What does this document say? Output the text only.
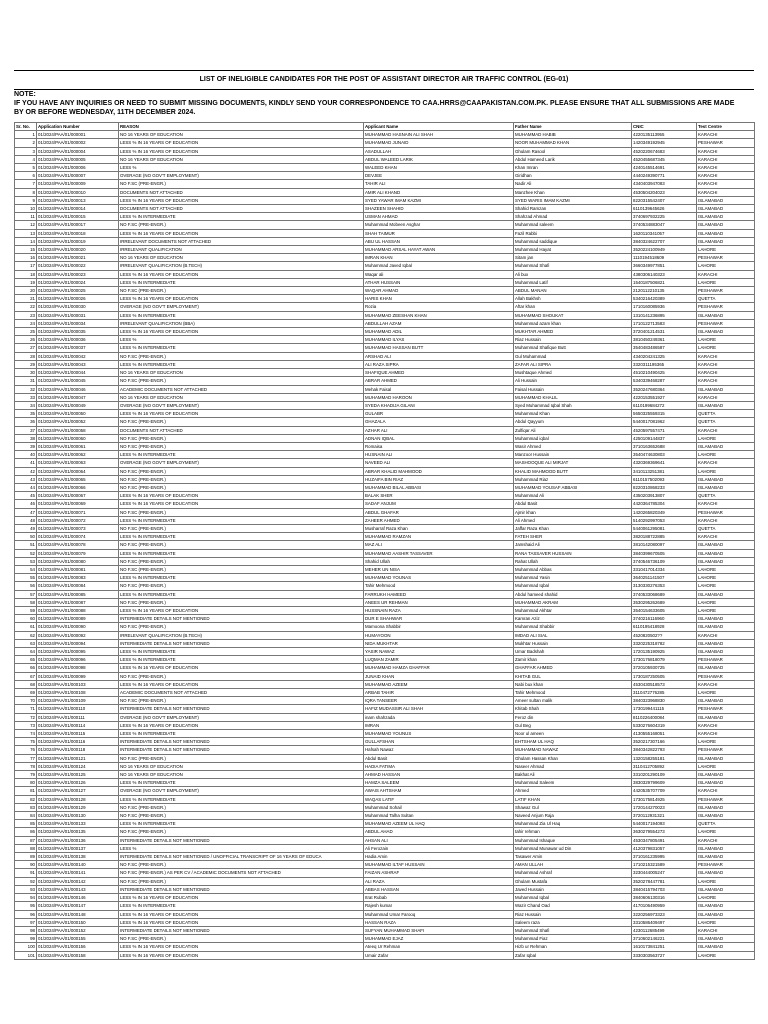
LIST OF INELIGIBLE CANDIDATES FOR THE POST OF ASSISTANT DIRECTOR AIR TRAFFIC CONTROL (EG-01)
NOTE:
IF YOU HAVE ANY INQUIRIES OR NEED TO SUBMIT MISSING DOCUMENTS, KINDLY SEND YOUR CORRESPONDENCE TO CAA.HRRS@CAAPAKISTAN.COM.PK. PLEASE ENSURE THAT ALL SUBMISSIONS ARE MADE
BY OR BEFORE WEDNESDAY, 11TH DECEMBER 2024.
Sr. No.	Application Number	REASON	Applicant Name	Father Name	CNIC	Test Centre
1	01/2024/PAA/01/000001	NO 16 YEARS OF EDUCATION	MUHAMMAD HASNAIN ALI SHAH	MUHAMMAD HABIB	4220135113955	KARACHI
2	01/2024/PAA/01/000002	LESS % IN 16 YEARS OF EDUCATION	MUHAMMAD JUNAID	NOOR MUHAMMAD KHAN	1420349192945	PESHAWAR
3	01/2024/PAA/01/000004	LESS % IN 16 YEARS OF EDUCATION	ASADULLAH	Ghulam Rasool	4520220674683	KARACHI
4	01/2024/PAA/01/000005	NO 16 YEARS OF EDUCATION	ABDUL WALEED LARIK	Abdul Hameed Larik	4520455687345	KARACHI
5	01/2024/PAA/01/000006	LESS %	WALEED KHAN	Khan Imran	4240145514691	KARACHI
6	01/2024/PAA/01/000007	OVERAGE (NO GOV'T EMPLOYMENT)	DEVJEE	Giridhan	4440249390771	KARACHI
7	01/2024/PAA/01/000009	NO F.SC (PRE-ENGR.)	TAHIR ALI	Nadir Ali	4340403947083	KARACHI
8	01/2024/PAA/01/000010	DOCUMENTS NOT ATTACHED	AMIR ALI KHAND	Manzhee Khan	4530504204023	KARACHI
9	01/2024/PAA/01/000013	LESS % IN 16 YEARS OF EDUCATION	SYED YAWAR IMAM KAZMI	SYED WARIS IMAM KAZMI	8220315542407	ISLAMABAD
10	01/2024/PAA/01/000014	DOCUMENTS NOT ATTACHED	SHAZEEN SHAHID	Shahid Ramzan	6110139645626	ISLAMABAD
11	01/2024/PAA/01/000015	LESS % IN INTERMEDIATE	USMAN AHMAD	Shahzad Ahmad	3740697932225	ISLAMABAD
12	01/2024/PAA/01/000017	NO F.SC (PRE-ENGR.)	Muhammad Mobeen Asghar	Muhammad saleem	3740534883047	ISLAMABAD
13	01/2024/PAA/01/000018	LESS % IN 16 YEARS OF EDUCATION	SHAH TAIMUR	Fazil Rabbi	1620110341057	ISLAMABAD
14	01/2024/PAA/01/000019	IRRELEVANT DOCUMENTS NOT ATTACHED	ABU UL HASSAN	Muhammad saddique	3840324622707	ISLAMABAD
15	01/2024/PAA/01/000020	IRRELEVANT QUALIFICATION	MUHAMMAD ARSAL HAYAT AWAN	Muhammad Hayat	3520224100949	LAHORE
16	01/2024/PAA/01/000021	NO 16 YEARS OF EDUCATION	IMRAN KHAN	Sitam jan	1110194518609	PESHAWAR
17	01/2024/PAA/01/000022	IRRELEVANT QUALIFICATION (B.TECH)	Muhammad Javed Iqbal	Muhammad Shafi	3660349977851	LAHORE
18	01/2024/PAA/01/000023	LESS % IN 16 YEARS OF EDUCATION	Waqar ali	Ali bux	4380306140323	KARACHI
19	01/2024/PAA/01/000024	LESS % IN INTERMEDIATE	ATHAR HUSSAIN	Muhammad Latif	1540187506821	LAHORE
20	01/2024/PAA/01/000025	NO F.SC (PRE-ENGR.)	WAQAR AHMAD	ABDUL MANAN	2120112210135	PESHAWAR
21	01/2024/PAA/01/000026	LESS % IN 16 YEARS OF EDUCATION	HARIS KHAN	Allah Bakhsh	5340216420389	QUETTA
22	01/2024/PAA/01/000030	OVERAGE (NO GOV'T EMPLOYMENT)	Rozia	Aftar khan	1710160085936	PESHAWAR
23	01/2024/PAA/01/000031	LESS % IN INTERMEDIATE	MUHAMMAD ZEESHAN KHAN	MUHAMMAD SHOUKAT	1310141236895	ISLAMABAD
24	01/2024/PAA/01/000034	IRRELEVANT QUALIFICATION (BBA)	ABDULLAH AZAM	Muhammad azam khan	1710122713583	PESHAWAR
25	01/2024/PAA/01/000035	LESS % IN 16 YEARS OF EDUCATION	MUHAMMAD ADIL	MUKHTAR AHMED	3720401214531	ISLAMABAD
26	01/2024/PAA/01/000036	LESS %	MUHAMMAD ILYAS	Riaz Hussain	3810450249361	LAHORE
27	01/2024/PAA/01/000037	LESS % IN INTERMEDIATE	MUHAMMAD HASSAN BUTT	Muhammad Shafique Butt	3540483486587	LAHORE
28	01/2024/PAA/01/000042	NO F.SC (PRE-ENGR.)	ARSHAD ALI	Gul Muhammad	4340204241325	KARACHI
29	01/2024/PAA/01/000043	LESS % IN INTERMEDIATE	ALI RAZA SIPRA	ZAFAR ALI SIPRA	3320311195365	KARACHI
30	01/2024/PAA/01/000044	NO 16 YEARS OF EDUCATION	SHAFIQUE AHMED	Mushtaque Ahmed	4510210490425	KARACHI
31	01/2024/PAA/01/000045	NO F.SC (PRE-ENGR.)	ABRAR AHMED	Ali Hussain	5340339468287	KARACHI
32	01/2024/PAA/01/000046	ACADEMIC DOCUMENTS NOT ATTACHED	Mehak Faisal	Faisal Hussain	3520247680364	ISLAMABAD
33	01/2024/PAA/01/000047	NO 16 YEARS OF EDUCATION	MUHAMMAD HAROON	MUHAMMAD KHALIL	4220153551927	KARACHI
34	01/2024/PAA/01/000049	OVERAGE (NO GOV'T EMPLOYMENT)	SYEDA KHADIJA GILANI	Syed Muhammad Iqbal Shah	6110199684272	ISLAMABAD
35	01/2024/PAA/01/000050	LESS % IN 16 YEARS OF EDUCATION	GULABR	Muhammad Khan	5650325559315	QUETTA
36	01/2024/PAA/01/000052	NO F.SC (PRE-ENGR.)	GHAZALA	Abdul Qayyum	5440017081962	QUETTA
37	01/2024/PAA/01/000058	DOCUMENTS NOT ATTACHED	AZHAR ALI	Zulfiqar Ali	4520597557471	KARACHI
38	01/2024/PAA/01/000060	NO F.SC (PRE-ENGR.)	ADNAN IQBAL	Muhammad iqbal	4250109144837	LAHORE
39	01/2024/PAA/01/000061	NO F.SC (PRE-ENGR.)	Romaisa	Wasir Ahmed	3710163652688	ISLAMABAD
40	01/2024/PAA/01/000062	LESS % IN INTERMEDIATE	HUSNAIN ALI	Manzoor Hussain	3540474630803	LAHORE
41	01/2024/PAA/01/000063	OVERAGE (NO GOV'T EMPLOYMENT)	NAVEED ALI	MASHOOQUE ALI MIRJAT	4320369369641	KARACHI
42	01/2024/PAA/01/000064	NO F.SC (PRE-ENGR.)	ABRAR KHALID MAHMOOD	KHALID MAHMOOD BUTT	3410113251381	LAHORE
43	01/2024/PAA/01/000065	NO F.SC (PRE-ENGR.)	HUZAIFA BIN RIAZ	Muhammad Riaz	6110157502093	ISLAMABAD
44	01/2024/PAA/01/000066	NO F.SC (PRE-ENGR.)	MUHAMMAD BILAL ABBASI	MUHAMMAD YOUSAF ABBASI	8220310868233	ISLAMABAD
45	01/2024/PAA/01/000067	LESS % IN 16 YEARS OF EDUCATION	BALAK SHER	Muhammad Ali	4350203913807	QUETTA
46	01/2024/PAA/01/000069	LESS % IN 16 YEARS OF EDUCATION	SADAF ANJUM	Abdul Basit	4420364785304	KARACHI
47	01/2024/PAA/01/000071	NO F.SC (PRE-ENGR.)	ABDUL GHAFAR	Ajmir khan	1420265820349	PESHAWAR
48	01/2024/PAA/01/000072	LESS % IN INTERMEDIATE	ZAHEER AHMED	Ali Ahmed	5140292997053	KARACHI
49	01/2024/PAA/01/000073	NO F.SC (PRE-ENGR.)	Musharraf Raza Khan	Jaffar Raza Khan	5440061295081	QUETTA
50	01/2024/PAA/01/000074	LESS % IN INTERMEDIATE	MUHAMMAD RAMZAN	FATEH SHER	3820188722885	KARACHI
51	01/2024/PAA/01/000078	NO F.SC (PRE-ENGR.)	MAZ ALI	Jamshaid Ali	3810142080097	ISLAMABAD
52	01/2024/PAA/01/000079	LESS % IN INTERMEDIATE	MUHAMMAD AASHIR TASSAVER	RANA TASSAVER HUSSAIN	3840399670505	ISLAMABAD
53	01/2024/PAA/01/000080	NO F.SC (PRE-ENGR.)	Shahid Ullah	Rahat Ullah	3740546736109	ISLAMABAD
54	01/2024/PAA/01/000081	NO F.SC (PRE-ENGR.)	MEHER UN NISA	Muhammad Abbas	3310417014334	LAHORE
55	01/2024/PAA/01/000083	LESS % IN INTERMEDIATE	MUHAMMAD YOUNAS	Muhammad Yasin	3640251141507	LAHORE
56	01/2024/PAA/01/000084	NO F.SC (PRE-ENGR.)	Tahir Mehmood	Muhammad Iqbal	3130330276353	LAHORE
57	01/2024/PAA/01/000085	LESS % IN INTERMEDIATE	FARRUKH HAMEED	Abdul hameed shahid	3740533068689	ISLAMABAD
58	01/2024/PAA/01/000087	NO F.SC (PRE-ENGR.)	ANEES UR REHMAN	MUHAMMAD AKRAM	3530295262689	LAHORE
59	01/2024/PAA/01/000088	LESS % IN 16 YEARS OF EDUCATION	HUSSNAIN RAZA	Muhammad Akhtar	3540154633605	LAHORE
60	01/2024/PAA/01/000089	INTERMEDIATE DETAILS NOT MENTIONED	DUR E SHAHWAR	Kamran Aziz	3740216116960	ISLAMABAD
61	01/2024/PAA/01/000090	NO F.SC (PRE-ENGR.)	Mamoona Shabbir	Muhammad Shabbir	6110195418928	ISLAMABAD
62	01/2024/PAA/01/000092	IRRELEVANT QUALIFICATION (B.TECH)	HUMAYOON	IMDAD ALI SIAL	4520820502??	KARACHI
63	01/2024/PAA/01/000094	INTERMEDIATE DETAILS NOT MENTIONED	NIDA MUKHTAR	Mukhtar Hussain	3320225318782	ISLAMABAD
64	01/2024/PAA/01/000095	LESS % IN INTERMEDIATE	YASIR NAWAZ	Umar Badshah	1720135190925	ISLAMABAD
65	01/2024/PAA/01/000096	LESS % IN INTERMEDIATE	LUQMAN ZAMIR	Zamir khan	1730176818079	PESHAWAR
66	01/2024/PAA/01/000098	LESS % IN 16 YEARS OF EDUCATION	MUHAMMAD HAMZA GHAFFAR	GHAFFAR AHMED	3720105930725	ISLAMABAD
67	01/2024/PAA/01/000099	NO F.SC (PRE-ENGR.)	JUNAID KHAN	KHITAB GUL	1730187250505	PESHAWAR
68	01/2024/PAA/01/000103	LESS % IN 16 YEARS OF EDUCATION	MUHAMMAD AZEEM	Nabi bux khan	4530430518573	KARACHI
69	01/2024/PAA/01/000108	ACADEMIC DOCUMENTS NOT ATTACHED	ARBAB TAHIR	Tahir Mehmood	3110472776285	LAHORE
70	01/2024/PAA/01/000109	NO F.SC (PRE-ENGR.)	IQRA TANSEER	Ameer sultan malik	3840323968830	ISLAMABAD
71	01/2024/PAA/01/000110	INTERMEDIATE DETAILS NOT MENTIONED	HAFIZ MUDASSIR ALI SHAH	Khitab Shah	1730199441115	PESHAWAR
72	01/2024/PAA/01/000111	OVERAGE (NO GOV'T EMPLOYMENT)	inam shahzada	Feroz din	8110226400084	ISLAMABAD
73	01/2024/PAA/01/000114	LESS % IN 16 YEARS OF EDUCATION	IMRAN	Gul Beg	5330276604319	KARACHI
74	01/2024/PAA/01/000115	LESS % IN INTERMEDIATE	MUHAMMAD YOUNUS	Noor ul ameen	4130555168051	KARACHI
75	01/2024/PAA/01/000116	INTERMEDIATE DETAILS NOT MENTIONED	GULLAFSHAN	EHTSHAM UL HAQ	3520217307166	LAHORE
76	01/2024/PAA/01/000118	INTERMEDIATE DETAILS NOT MENTIONED	Hafsah Nawaz	MUHAMMAD NAWAZ	3840342822793	PESHAWAR
77	01/2024/PAA/01/000121	NO F.SC (PRE-ENGR.)	Abdul Basit	Ghulam Hassan Khan	1320158255181	ISLAMABAD
78	01/2024/PAA/01/000124	NO 16 YEARS OF EDUCATION	HADIA FATIMA	Naseer Ahmad	3110412705892	LAHORE
79	01/2024/PAA/01/000125	NO 16 YEARS OF EDUCATION	AHMAD HASSAN	Bakhat Ali	3310201290109	ISLAMABAD
80	01/2024/PAA/01/000126	LESS % IN INTERMEDIATE	HAMZA SALEEM	Muhammad Saleem	3830329799609	ISLAMABAD
81	01/2024/PAA/01/000127	OVERAGE (NO GOV'T EMPLOYMENT)	AWAIS AHTSHAM	Ahmed	4420535707709	KARACHI
82	01/2024/PAA/01/000128	LESS % IN INTERMEDIATE	WAQAS LATIF	LATIF KHAN	1730175814925	PESHAWAR
83	01/2024/PAA/01/000129	NO F.SC (PRE-ENGR.)	Muhammad Sohail	Shawaz Gul	1720144270023	ISLAMABAD
84	01/2024/PAA/01/000130	NO F.SC (PRE-ENGR.)	Muhammad Talha Sultan	Naveed Anjum Raja	3720112931321	ISLAMABAD
85	01/2024/PAA/01/000133	LESS % IN INTERMEDIATE	MUHAMMAD AZEEM UL HAQ	Muhammad Zia Ul Haq	5440017194093	QUETTA
86	01/2024/PAA/01/000135	NO F.SC (PRE-ENGR.)	ABDUL AHAD	tahir rehman	3630279554273	LAHORE
87	01/2024/PAA/01/000136	INTERMEDIATE DETAILS NOT MENTIONED	AHSAN ALI	Muhammad Ishaque	4530347805491	KARACHI
88	01/2024/PAA/01/000137	LESS %	Ali Ferozain	Muhammad Munawar ud Din	4120379831057	ISLAMABAD
89	01/2024/PAA/01/000138	INTERMEDIATE DETAILS NOT MENTIONED / UNOFFICIAL TRANSCRIPT OF 16 YEARS OF EDUCA	Hadia Amin	Tasawer Amin	3710161235995	ISLAMABAD
90	01/2024/PAA/01/000140	NO F.SC (PRE-ENGR.)	MUHAMMAD ILTAF HUSSAIN	AMAN ULLAH	1710215321589	PESHAWAR
91	01/2024/PAA/01/000141	NO F.SC (PRE-ENGR.) AS PER CV / ACADEMIC DOCUMENTS NOT ATTACHED	FAIZAN ASHRAF	Muhammad Ashraf	3230444005247	ISLAMABAD
92	01/2024/PAA/01/000142	NO F.SC (PRE-ENGR.)	ALI RAZA	Ghulam Mustafa	3520278447781	LAHORE
93	01/2024/PAA/01/000143	INTERMEDIATE DETAILS NOT MENTIONED	ABBAS HASSAN	Javed Hussain	3840415794703	ISLAMABAD
94	01/2024/PAA/01/000146	LESS % IN 16 YEARS OF EDUCATION	Itrat Rubab	Muhammad Iqbal	3840606130316	LAHORE
95	01/2024/PAA/01/000147	LESS % IN INTERMEDIATE	Rajesh kumar	Wazir Chand Oad	4170106490959	ISLAMABAD
96	01/2024/PAA/01/000148	LESS % IN 16 YEARS OF EDUCATION	Muhammad Umar Farooq	Riaz Hussain	3220256973323	ISLAMABAD
97	01/2024/PAA/01/000150	LESS % IN 16 YEARS OF EDUCATION	HASSAN RAZA	Saleem raza	3310586409497	LAHORE
98	01/2024/PAA/01/000152	INTERMEDIATE DETAILS NOT MENTIONED	SUFYAN MUHAMMAD SHAFI	Muhammad Shafi	4230112685499	KARACHI
99	01/2024/PAA/01/000155	NO F.SC (PRE-ENGR.)	MUHAMMAD EJAZ	Muhammad Fiaz	3710602146221	ISLAMABAD
100	01/2024/PAA/01/000156	LESS % IN 16 YEARS OF EDUCATION	Ateeq Ur Rehman	Hizb ur Rehman	1610173841251	ISLAMABAD
101	01/2024/PAA/01/000158	LESS % IN 16 YEARS OF EDUCATION	Umair Zafar	Zafar Iqbal	3330303563727	LAHORE
